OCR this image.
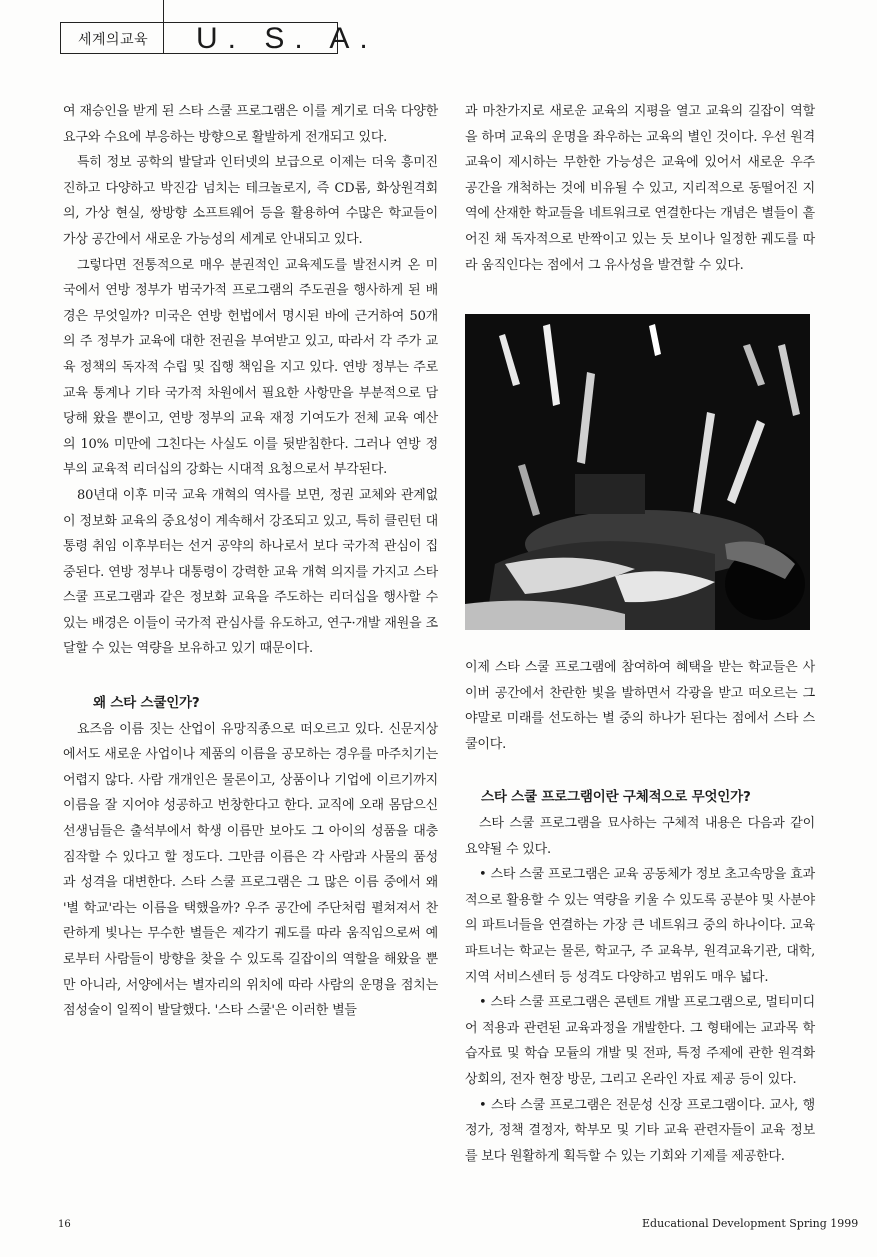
세계의교육 U. S. A.

여 재승인을 받게 된 스타 스쿨 프로그램은 이를 계기로 더욱 다양한 요구와 수요에 부응하는 방향으로 활발하게 전개되고 있다.

특히 정보 공학의 발달과 인터넷의 보급으로 이제는 더욱 흥미진진하고 다양하고 박진감 넘치는 테크놀로지, 즉 CD롬, 화상원격회의, 가상 현실, 쌍방향 소프트웨어 등을 활용하여 수많은 학교들이 가상 공간에서 새로운 가능성의 세계로 안내되고 있다.

그렇다면 전통적으로 매우 분권적인 교육제도를 발전시켜 온 미국에서 연방 정부가 범국가적 프로그램의 주도권을 행사하게 된 배경은 무엇일까? 미국은 연방 헌법에서 명시된 바에 근거하여 50개의 주 정부가 교육에 대한 전권을 부여받고 있고, 따라서 각 주가 교육 정책의 독자적 수립 및 집행 책임을 지고 있다. 연방 정부는 주로 교육 통계나 기타 국가적 차원에서 필요한 사항만을 부분적으로 담당해 왔을 뿐이고, 연방 정부의 교육 재정 기여도가 전체 교육 예산의 10% 미만에 그친다는 사실도 이를 뒷받침한다. 그러나 연방 정부의 교육적 리더십의 강화는 시대적 요청으로서 부각된다.

80년대 이후 미국 교육 개혁의 역사를 보면, 정권 교체와 관계없이 정보화 교육의 중요성이 계속해서 강조되고 있고, 특히 클린턴 대통령 취임 이후부터는 선거 공약의 하나로서 보다 국가적 관심이 집중된다. 연방 정부나 대통령이 강력한 교육 개혁 의지를 가지고 스타 스쿨 프로그램과 같은 정보화 교육을 주도하는 리더십을 행사할 수 있는 배경은 이들이 국가적 관심사를 유도하고, 연구·개발 재원을 조달할 수 있는 역량을 보유하고 있기 때문이다.

왜 스타 스쿨인가?

요즈음 이름 짓는 산업이 유망직종으로 떠오르고 있다. 신문지상에서도 새로운 사업이나 제품의 이름을 공모하는 경우를 마주치기는 어렵지 않다. 사람 개개인은 물론이고, 상품이나 기업에 이르기까지 이름을 잘 지어야 성공하고 번창한다고 한다. 교직에 오래 몸담으신 선생님들은 출석부에서 학생 이름만 보아도 그 아이의 성품을 대충 짐작할 수 있다고 할 정도다. 그만큼 이름은 각 사람과 사물의 품성과 성격을 대변한다. 스타 스쿨 프로그램은 그 많은 이름 중에서 왜 '별 학교'라는 이름을 택했을까? 우주 공간에 주단처럼 펼쳐져서 찬란하게 빛나는 무수한 별들은 제각기 궤도를 따라 움직임으로써 예로부터 사람들이 방향을 찾을 수 있도록 길잡이의 역할을 해왔을 뿐만 아니라, 서양에서는 별자리의 위치에 따라 사람의 운명을 점치는 점성술이 일찍이 발달했다. '스타 스쿨'은 이러한 별들

과 마찬가지로 새로운 교육의 지평을 열고 교육의 길잡이 역할을 하며 교육의 운명을 좌우하는 교육의 별인 것이다. 우선 원격교육이 제시하는 무한한 가능성은 교육에 있어서 새로운 우주 공간을 개척하는 것에 비유될 수 있고, 지리적으로 동떨어진 지역에 산재한 학교들을 네트워크로 연결한다는 개념은 별들이 흩어진 채 독자적으로 반짝이고 있는 듯 보이나 일정한 궤도를 따라 움직인다는 점에서 그 유사성을 발견할 수 있다.

이제 스타 스쿨 프로그램에 참여하여 혜택을 받는 학교들은 사이버 공간에서 찬란한 빛을 발하면서 각광을 받고 떠오르는 그야말로 미래를 선도하는 별 중의 하나가 된다는 점에서 스타 스쿨이다.

스타 스쿨 프로그램이란 구체적으로 무엇인가?

스타 스쿨 프로그램을 묘사하는 구체적 내용은 다음과 같이 요약될 수 있다.

• 스타 스쿨 프로그램은 교육 공동체가 정보 초고속망을 효과적으로 활용할 수 있는 역량을 키울 수 있도록 공분야 및 사분야의 파트너들을 연결하는 가장 큰 네트워크 중의 하나이다. 교육 파트너는 학교는 물론, 학교구, 주 교육부, 원격교육기관, 대학, 지역 서비스센터 등 성격도 다양하고 범위도 매우 넓다.

• 스타 스쿨 프로그램은 콘텐트 개발 프로그램으로, 멀티미디어 적용과 관련된 교육과정을 개발한다. 그 형태에는 교과목 학습자료 및 학습 모듈의 개발 및 전파, 특정 주제에 관한 원격화상회의, 전자 현장 방문, 그리고 온라인 자료 제공 등이 있다.

• 스타 스쿨 프로그램은 전문성 신장 프로그램이다. 교사, 행정가, 정책 결정자, 학부모 및 기타 교육 관련자들이 교육 정보를 보다 원활하게 획득할 수 있는 기회와 기제를 제공한다.

16	Educational Development Spring 1999
